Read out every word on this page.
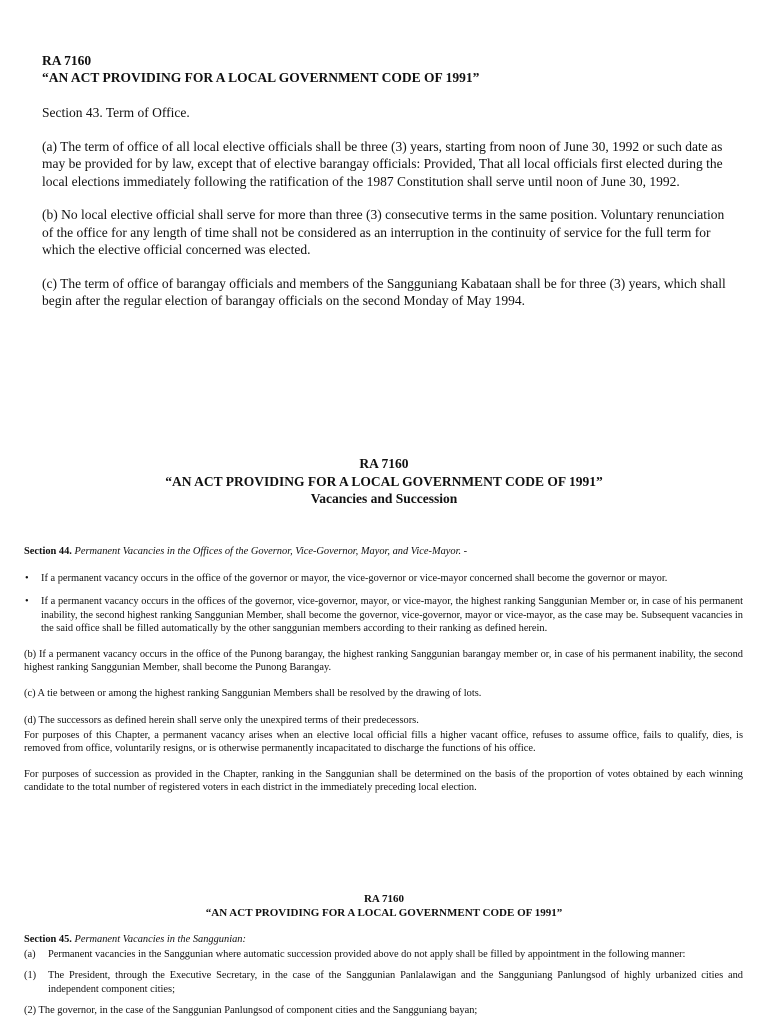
RA 7160

“AN ACT PROVIDING FOR A LOCAL GOVERNMENT CODE OF 1991”

Section 43. Term of Office.

(a) The term of office of all local elective officials shall be three (3) years, starting from noon of June 30, 1992 or such date as may be provided for by law, except that of elective barangay officials: Provided, That all local officials first elected during the local elections immediately following the ratification of the 1987 Constitution shall serve until noon of June 30, 1992.

(b) No local elective official shall serve for more than three (3) consecutive terms in the same position. Voluntary renunciation of the office for any length of time shall not be considered as an interruption in the continuity of service for the full term for which the elective official concerned was elected.

(c) The term of office of barangay officials and members of the Sangguniang Kabataan shall be for three (3) years, which shall begin after the regular election of barangay officials on the second Monday of May 1994.

RA 7160
“AN ACT PROVIDING FOR A LOCAL GOVERNMENT CODE OF 1991”
Vacancies and Succession

Section 44. Permanent Vacancies in the Offices of the Governor, Vice-Governor, Mayor, and Vice-Mayor. -

• If a permanent vacancy occurs in the office of the governor or mayor, the vice-governor or vice-mayor concerned shall become the governor or mayor.

• If a permanent vacancy occurs in the offices of the governor, vice-governor, mayor, or vice-mayor, the highest ranking Sanggunian Member or, in case of his permanent inability, the second highest ranking Sanggunian Member, shall become the governor, vice-governor, mayor or vice-mayor, as the case may be. Subsequent vacancies in the said office shall be filled automatically by the other sanggunian members according to their ranking as defined herein.

(b) If a permanent vacancy occurs in the office of the Punong barangay, the highest ranking Sanggunian barangay member or, in case of his permanent inability, the second highest ranking Sanggunian Member, shall become the Punong Barangay.

(c) A tie between or among the highest ranking Sanggunian Members shall be resolved by the drawing of lots.

(d) The successors as defined herein shall serve only the unexpired terms of their predecessors.

For purposes of this Chapter, a permanent vacancy arises when an elective local official fills a higher vacant office, refuses to assume office, fails to qualify, dies, is removed from office, voluntarily resigns, or is otherwise permanently incapacitated to discharge the functions of his office.

For purposes of succession as provided in the Chapter, ranking in the Sanggunian shall be determined on the basis of the proportion of votes obtained by each winning candidate to the total number of registered voters in each district in the immediately preceding local election.

RA 7160
“AN ACT PROVIDING FOR A LOCAL GOVERNMENT CODE OF 1991”

Section 45. Permanent Vacancies in the Sanggunian:

(a) Permanent vacancies in the Sanggunian where automatic succession provided above do not apply shall be filled by appointment in the following manner:

(1) The President, through the Executive Secretary, in the case of the Sanggunian Panlalawigan and the Sangguniang Panlungsod of highly urbanized cities and independent component cities;

(2) The governor, in the case of the Sanggunian Panlungsod of component cities and the Sangguniang bayan;
